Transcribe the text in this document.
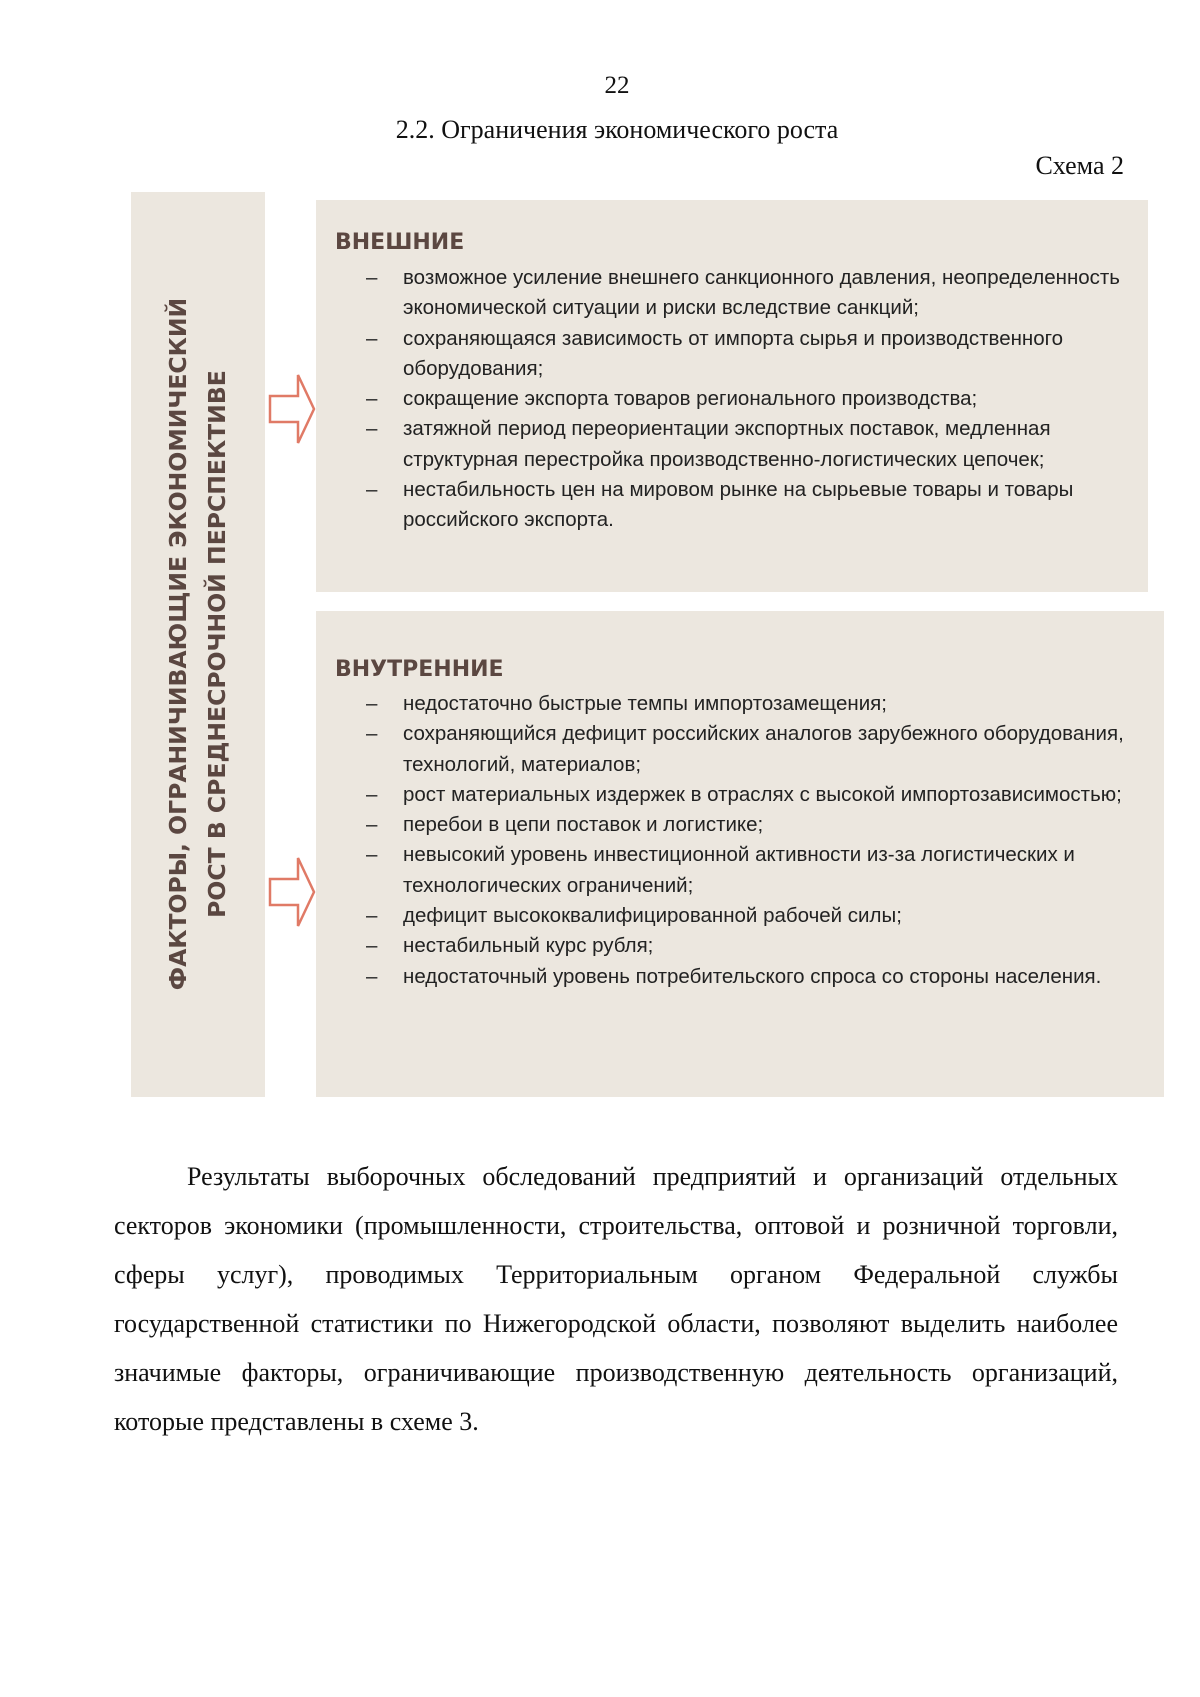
22
2.2. Ограничения экономического роста
Схема 2
ФАКТОРЫ, ОГРАНИЧИВАЮЩИЕ ЭКОНОМИЧЕСКИЙ РОСТ В СРЕДНЕСРОЧНОЙ ПЕРСПЕКТИВЕ
ВНЕШНИЕ
– возможное усиление внешнего санкционного давления, неопределенность экономической ситуации и риски вследствие санкций;
– сохраняющаяся зависимость от импорта сырья и производственного оборудования;
– сокращение экспорта товаров регионального производства;
– затяжной период переориентации экспортных поставок, медленная структурная перестройка производственно-логистических цепочек;
– нестабильность цен на мировом рынке на сырьевые товары и товары российского экспорта.
ВНУТРЕННИЕ
– недостаточно быстрые темпы импортозамещения;
– сохраняющийся дефицит российских аналогов зарубежного оборудования, технологий, материалов;
– рост материальных издержек в отраслях с высокой импортозависимостью;
– перебои в цепи поставок и логистике;
– невысокий уровень инвестиционной активности из-за логистических и технологических ограничений;
– дефицит высококвалифицированной рабочей силы;
– нестабильный курс рубля;
– недостаточный уровень потребительского спроса со стороны населения.

Результаты выборочных обследований предприятий и организаций отдельных секторов экономики (промышленности, строительства, оптовой и розничной торговли, сферы услуг), проводимых Территориальным органом Федеральной службы государственной статистики по Нижегородской области, позволяют выделить наиболее значимые факторы, ограничивающие производственную деятельность организаций, которые представлены в схеме 3.
